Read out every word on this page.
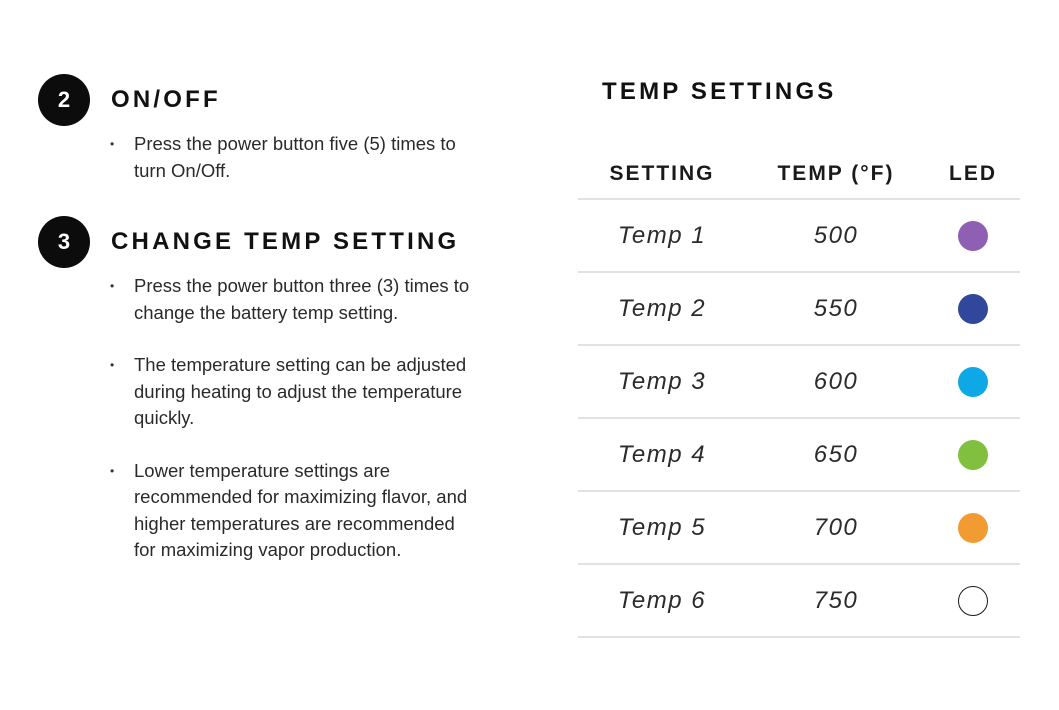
2	ON/OFF
• Press the power button five (5) times to turn On/Off.
3	CHANGE TEMP SETTING
• Press the power button three (3) times to change the battery temp setting.
• The temperature setting can be adjusted during heating to adjust the temperature quickly.
• Lower temperature settings are recommended for maximizing flavor, and higher temperatures are recommended for maximizing vapor production.
TEMP SETTINGS
SETTING	TEMP (°F)	LED
Temp 1	500
Temp 2	550
Temp 3	600
Temp 4	650
Temp 5	700
Temp 6	750
